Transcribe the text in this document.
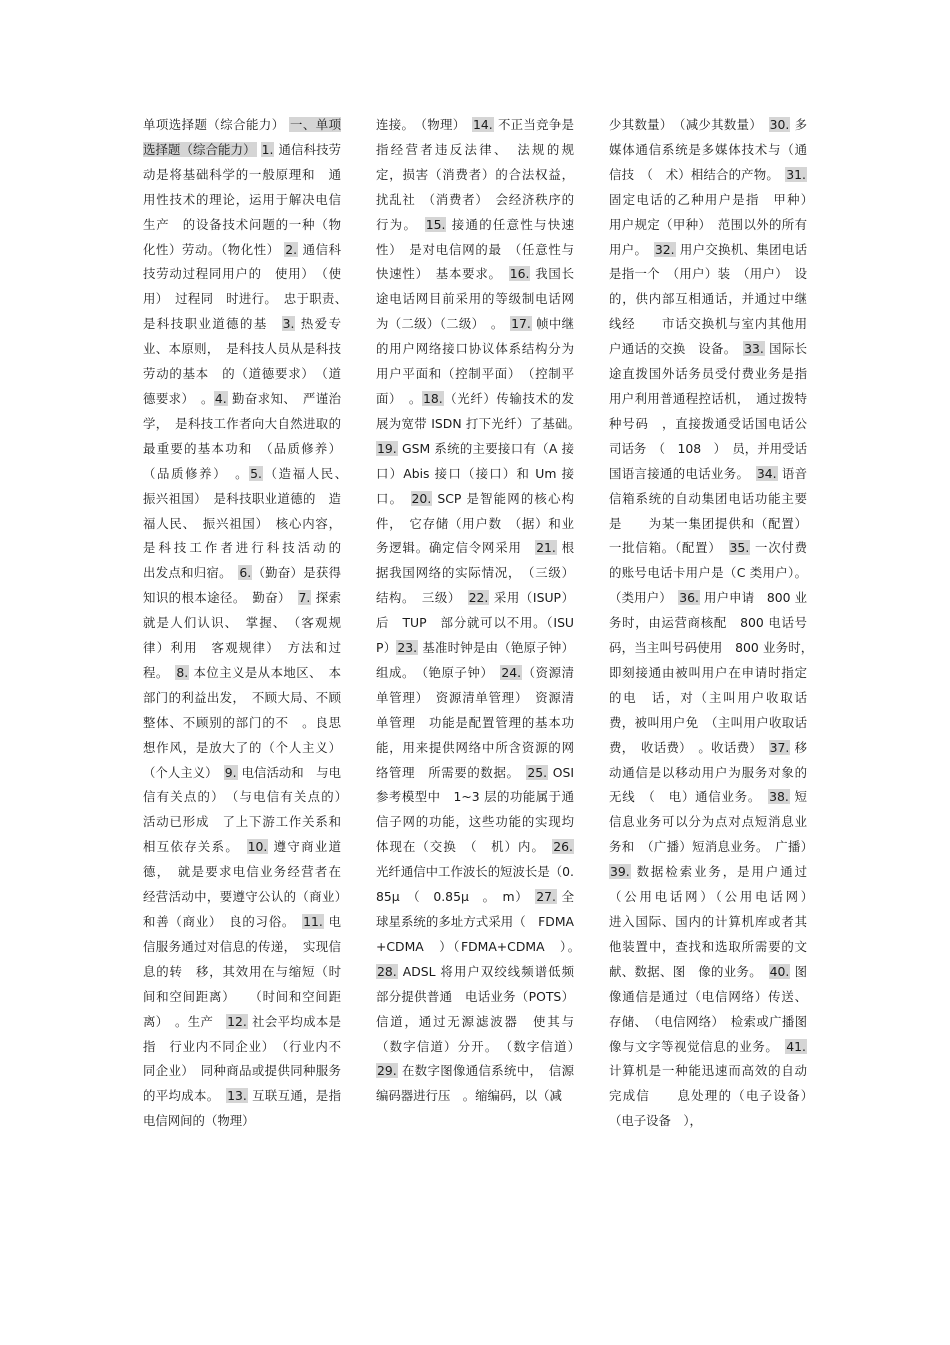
单项选择题（综合能力） 一、单项选择题（综合能力） 1. 通信科技劳动是将基础科学的一般原理和　通用性技术的理论，运用于解决电信生产　的设备技术问题的一种（物化性）劳动。（物化性） 2. 通信科技劳动过程同用户的　使用）　（使用）　过程同　时进行。　忠于职责、　是科技职业道德的基　3. 热爱专业、本原则，　是科技人员从是科技劳动的基本　的（道德要求）　（道德要求）　。4. 勤奋求知、　严谨治学，　是科技工作者向大自然进取的最重要的基本功和　（品质修养）（品质修养）　。5.（造福人民、　振兴祖国）　是科技职业道德的　造福人民、　振兴祖国）　核心内容，是科技工作者进行科技活动的　　出发点和归宿。　6.（勤奋）是获得知识的根本途径。　勤奋）　7. 探索就是人们认识、　掌握、　（客观规律）利用　客观规律）　方法和过程。　8. 本位主义是从本地区、　本部门的利益出发，　不顾大局、不顾整体、不顾别的部门的不　。良思想作风，是放大了的（个人主义）（个人主义）　9. 电信活动和　与电信有关点的）　（与电信有关点的）　活动已形成　了上下游工作关系和相互依存关系。　10. 遵守商业道德，　就是要求电信业务经营者在　　经营活动中，要遵守公认的（商业）和善（商业）　良的习俗。　11. 电信服务通过对信息的传递，　实现信息的转　移，其效用在与缩短（时间和空间距离）　　（时间和空间距离）　。生产　12. 社会平均成本是指　行业内不同企业）　（行业内不同企业）　同种商品或提供同种服务的平均成本。　13. 互联互通，是指电信网间的（物理）
连接。　（物理）　14. 不正当竞争是指经营者违反法律、　法规的规　定，损害（消费者）的合法权益，扰乱社　（消费者）　会经济秩序的行为。　15. 接通的任意性与快速性）　是对电信网的最　（任意性与快速性）　基本要求。　16. 我国长途电话网目前采用的等级制电话网　为（二级）（二级）　。　17. 帧中继的用户网络接口协议体系结构分为　用户平面和（控制平面）　（控制平面）　。18.（光纤）传输技术的发展为宽带 ISDN 打下光纤）了基础。　19. GSM 系统的主要接口有（A 接口）Abis 接口（接口）和 Um 接口。　20. SCP 是智能网的核心构件，　它存储（用户数　（据）和业务逻辑。确定信令网采用　21. 根据我国网络的实际情况，　（三级）结构。　三级）　22. 采用（ISUP）后　TUP　部分就可以不用。（ISUP）23. 基准时钟是由（铯原子钟）组成。　（铯原子钟）　24.（资源清单管理）　资源清单管理）　资源清单管理　功能是配置管理的基本功　能，用来提供网络中所含资源的网络管理　所需要的数据。　25. OSI 参考模型中　1~3 层的功能属于通信子网的功能，这些功能的实现均体现在（交换　（　机）内。　26. 光纤通信中工作波长的短波长是（0.85μ　（　0.85μ　。　m）　27. 全球星系统的多址方式采用（　FDMA+CDMA　）（FDMA+CDMA　）。　28. ADSL 将用户双绞线频谱低频部分提供普通　电话业务（POTS）信道，通过无源滤波器　使其与（数字信道）分开。　（数字信道）　29. 在数字图像通信系统中，　信源编码器进行压　。缩编码，以（减
少其数量）　（减少其数量）　30. 多媒体通信系统是多媒体技术与（通信技　（　术）相结合的产物。　31. 固定电话的乙种用户是指　甲种）　用户规定（甲种）　范围以外的所有用户。　32. 用户交换机、集团电话是指一个　（用户）装　（用户）　设的，供内部互相通话，并通过中继线经　　市话交换机与室内其他用户通话的交换　设备。　33. 国际长途直拨国外话务员受付费业务是指　　用户利用普通程控话机，　通过拨特种号码　，直接拨通受话国电话公司话务　（　108　）　员，并用受话国语言接通的电话业务。　34. 语音信箱系统的自动集团电话功能主要是　　为某一集团提供和（配置）一批信箱。（配置）　35. 一次付费的账号电话卡用户是（C 类用户）。（类用户）　36. 用户申请　800 业务时，由运营商核配　800 电话号码，当主叫号码使用　800 业务时，　即刻接通由被叫用户在申请时指定的电　话，对（主叫用户收取话费，被叫用户免　（主叫用户收取话费，　收话费）　。收话费）　37. 移动通信是以移动用户为服务对象的　无线　（　电）通信业务。　38. 短信息业务可以分为点对点短消息业务和　（广播）短消息业务。　广播）　39. 数据检索业务，是用户通过（公用电话网）（公用电话网）　　进入国际、国内的计算机库或者其他装置中，查找和选取所需要的文献、数据、图　像的业务。　40. 图像通信是通过（电信网络）传送、存储、　（电信网络）　检索或广播图像与文字等视觉信息的业务。　41. 计算机是一种能迅速而高效的自动完成信　　息处理的（电子设备）　（电子设备　），
